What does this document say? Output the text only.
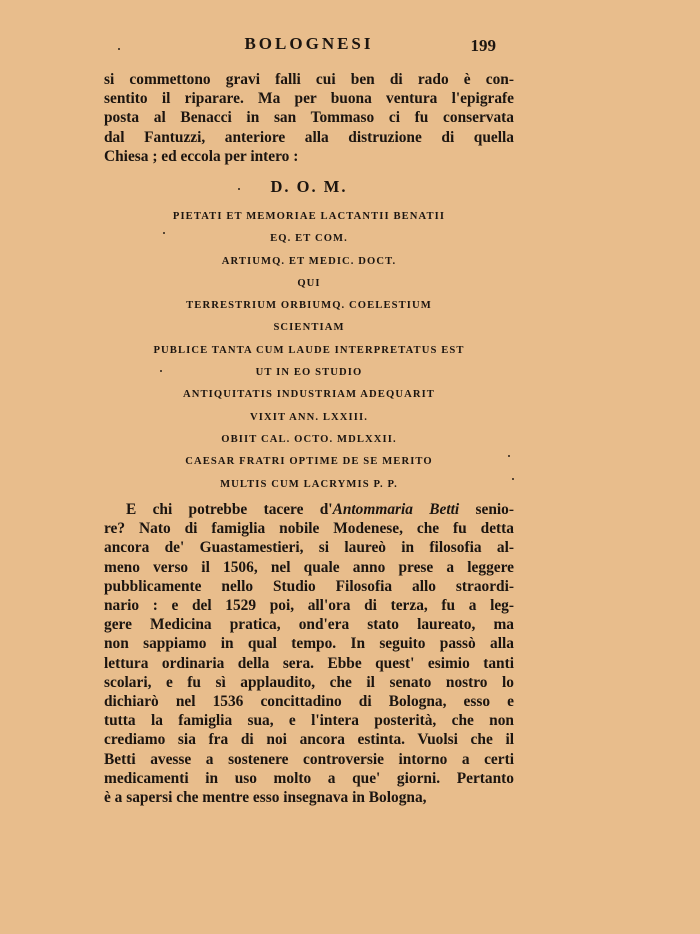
BOLOGNESI	199
si commettono gravi falli cui ben di rado è con-
sentito il riparare. Ma per buona ventura l'epigrafe
posta al Benacci in san Tommaso ci fu conservata
dal Fantuzzi, anteriore alla distruzione di quella
Chiesa ; ed eccola per intero :
D. O. M.
PIETATI ET MEMORIAE LACTANTII BENATII
EQ. ET COM.
ARTIUMQ. ET MEDIC. DOCT.
QUI
TERRESTRIUM ORBIUMQ. COELESTIUM
SCIENTIAM
PUBLICE TANTA CUM LAUDE INTERPRETATUS EST
UT IN EO STUDIO
ANTIQUITATIS INDUSTRIAM ADEQUARIT
VIXIT ANN. LXXIII.
OBIIT CAL. OCTO. MDLXXII.
CAESAR FRATRI OPTIME DE SE MERITO
MULTIS CUM LACRYMIS P. P.
E chi potrebbe tacere d'Antommaria Betti senio-
re? Nato di famiglia nobile Modenese, che fu detta
ancora de' Guastamestieri, si laureò in filosofia al-
meno verso il 1506, nel quale anno prese a leggere
pubblicamente nello Studio Filosofia allo straordi-
nario : e del 1529 poi, all'ora di terza, fu a leg-
gere Medicina pratica, ond'era stato laureato, ma
non sappiamo in qual tempo. In seguito passò alla
lettura ordinaria della sera. Ebbe quest' esimio tanti
scolari, e fu sì applaudito, che il senato nostro lo
dichiarò nel 1536 concittadino di Bologna, esso e
tutta la famiglia sua, e l'intera posterità, che non
crediamo sia fra di noi ancora estinta. Vuolsi che il
Betti avesse a sostenere controversie intorno a certi
medicamenti in uso molto a que' giorni. Pertanto
è a sapersi che mentre esso insegnava in Bologna,
